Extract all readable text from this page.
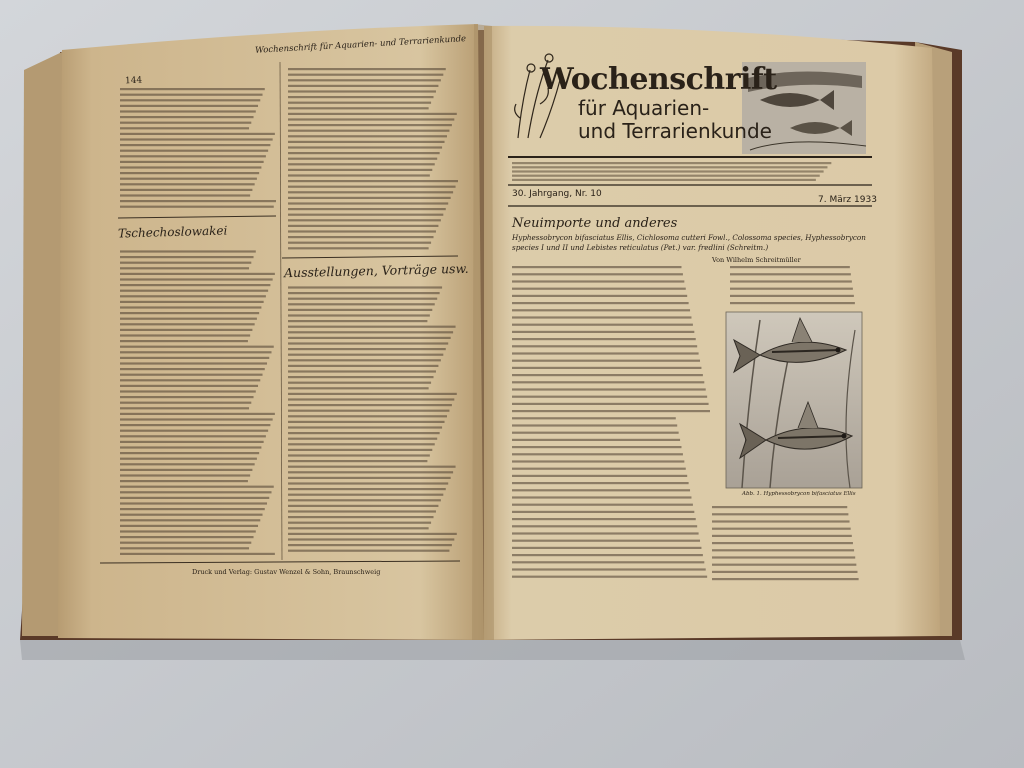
144
Wochenschrift für Aquarien- und Terrarienkunde
Tschechoslowakei
Ausstellungen, Vorträge usw.
Druck und Verlag: Gustav Wenzel & Sohn, Braunschweig
Wochenschrift
für Aquarien-
und Terrarienkunde
30. Jahrgang, Nr. 10
7. März 1933
Neuimporte und anderes
Hyphessobrycon bifasciatus Ellis, Cichlosoma cutteri Fowl., Colossoma species, Hyphessobrycon species I und II und Lebistes reticulatus (Pet.) var. fredlini (Schreitm.)
Von Wilhelm Schreitmüller
Abb. 1. Hyphessobrycon bifasciatus Ellis
